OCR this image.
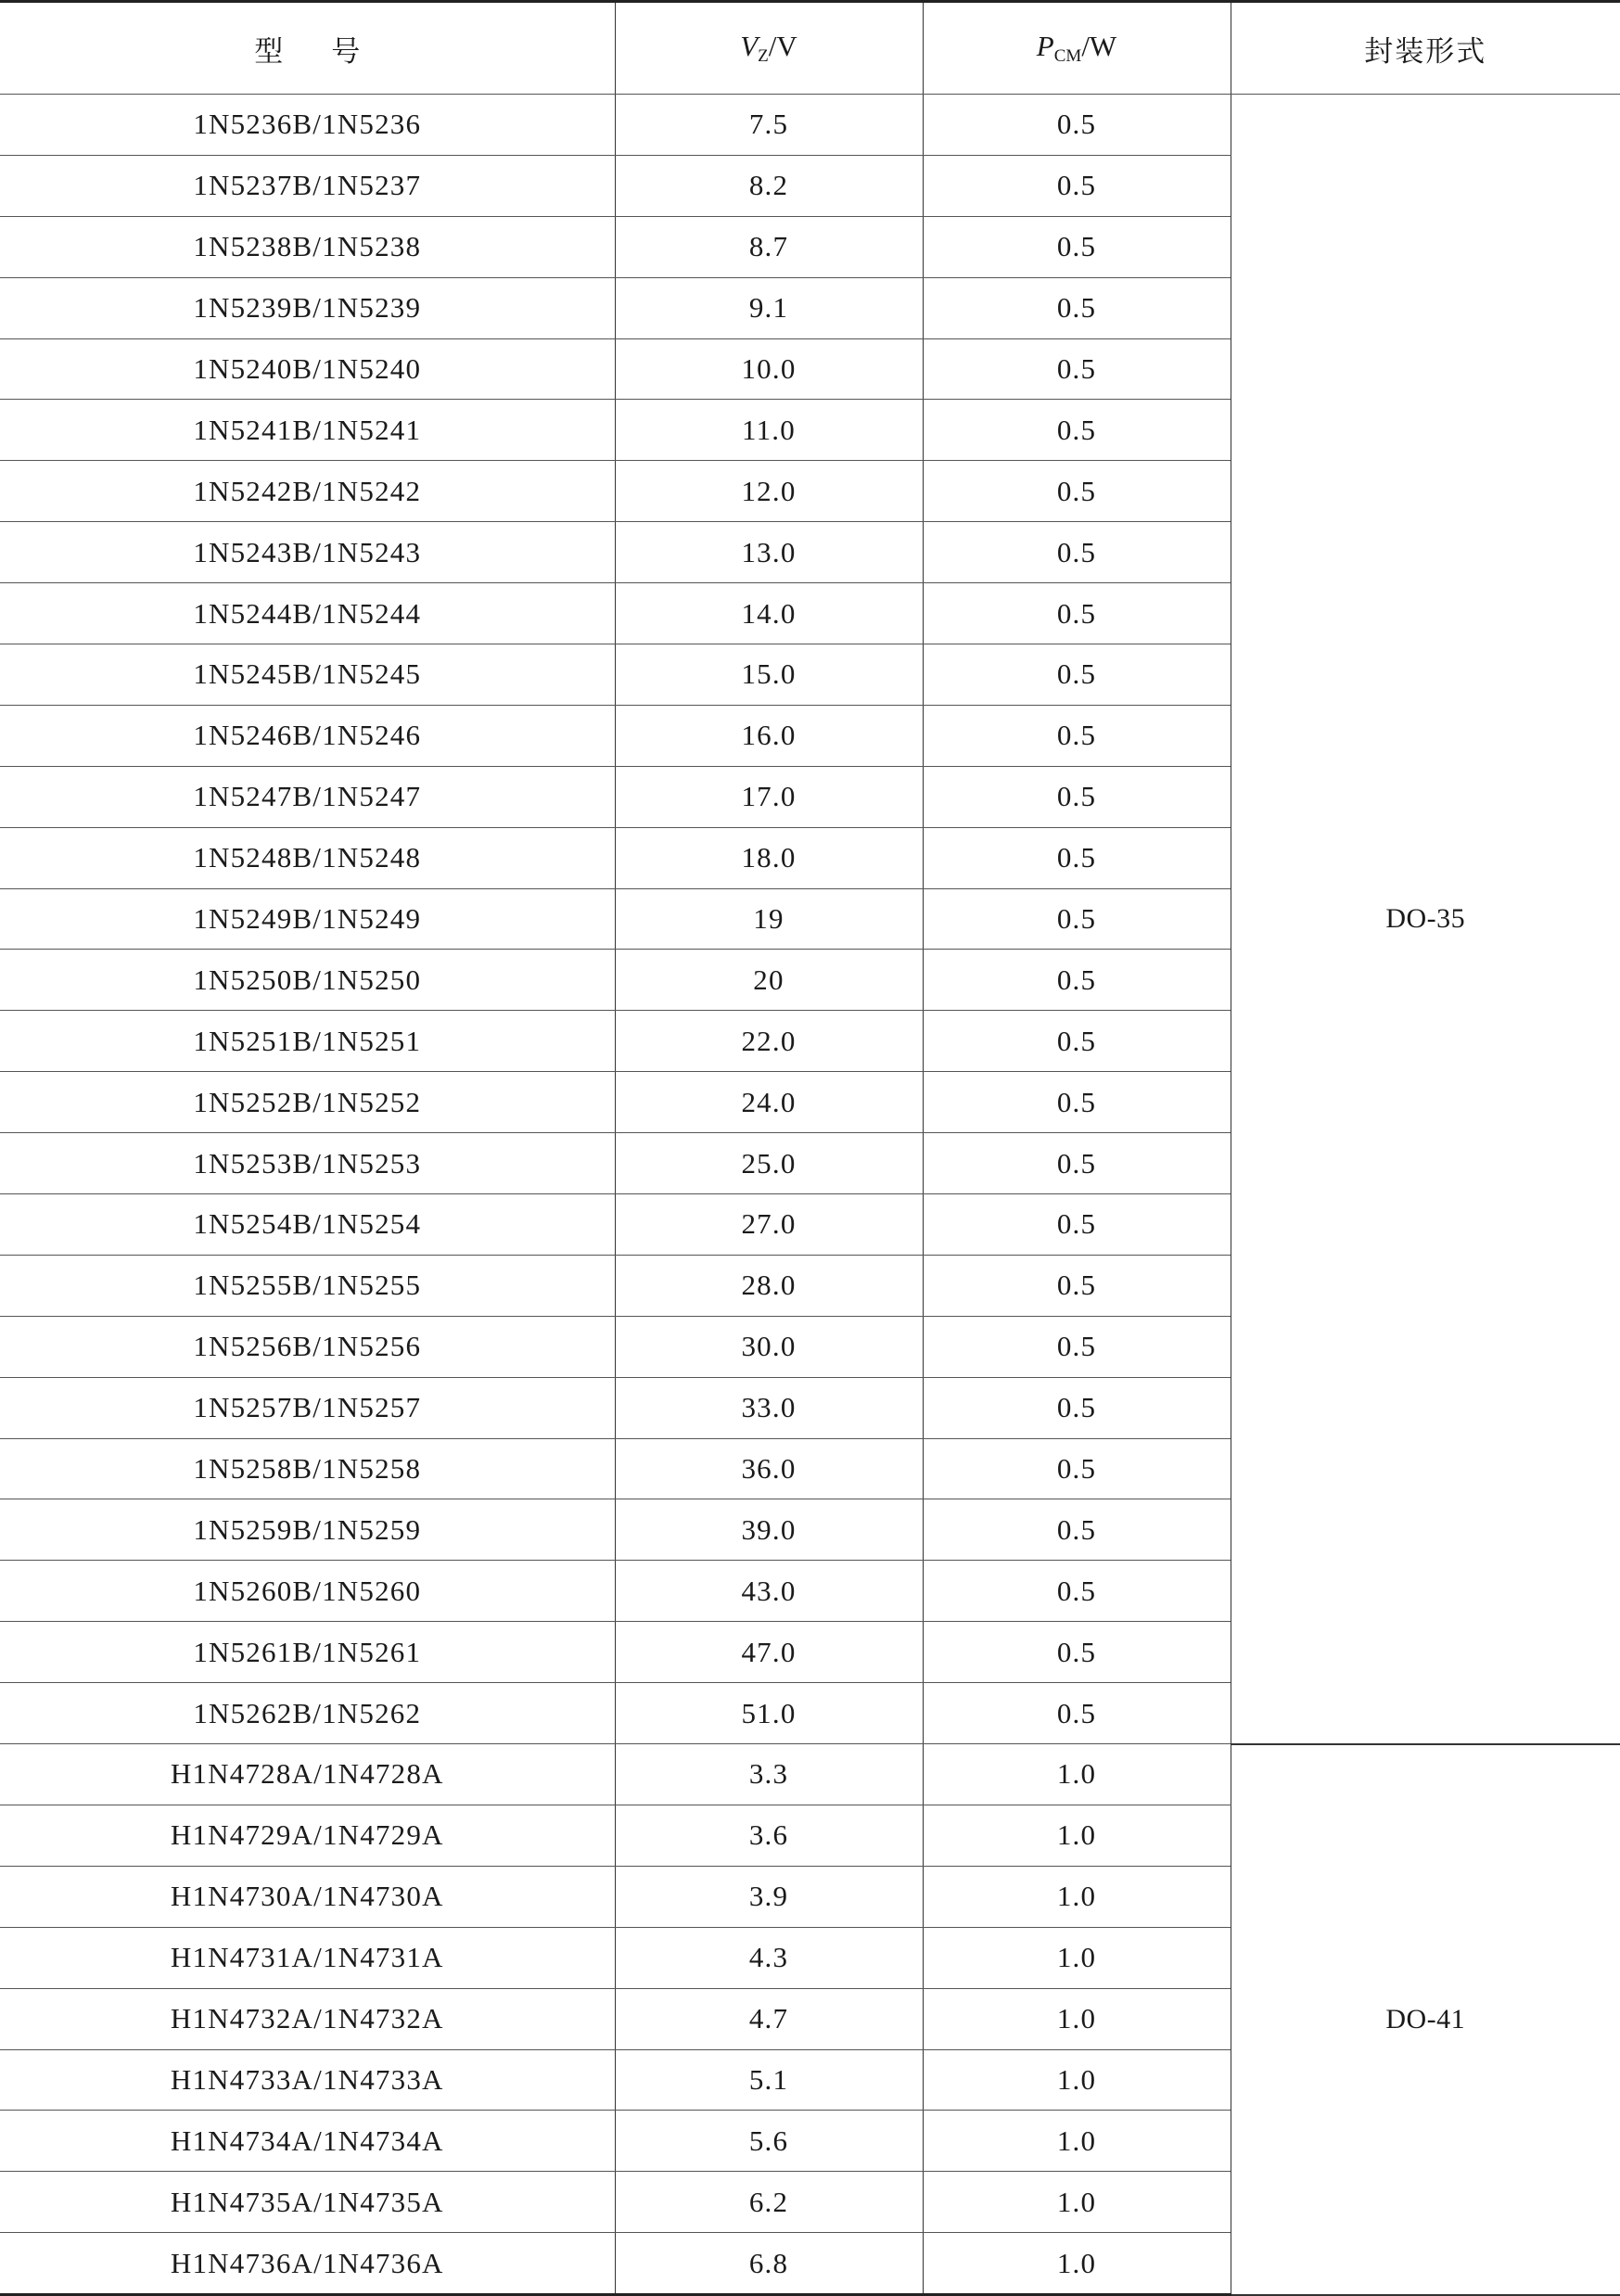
型号	$V_Z/V$	$P_{CM}/W$	封装形式
1N5236B/1N5236	7.5	0.5	DO-35
1N5237B/1N5237	8.2	0.5	
1N5238B/1N5238	8.7	0.5	
1N5239B/1N5239	9.1	0.5	
1N5240B/1N5240	10.0	0.5	
1N5241B/1N5241	11.0	0.5	
1N5242B/1N5242	12.0	0.5	
1N5243B/1N5243	13.0	0.5	
1N5244B/1N5244	14.0	0.5	
1N5245B/1N5245	15.0	0.5	
1N5246B/1N5246	16.0	0.5	
1N5247B/1N5247	17.0	0.5	
1N5248B/1N5248	18.0	0.5	
1N5249B/1N5249	19	0.5	
1N5250B/1N5250	20	0.5	
1N5251B/1N5251	22.0	0.5	
1N5252B/1N5252	24.0	0.5	
1N5253B/1N5253	25.0	0.5	
1N5254B/1N5254	27.0	0.5	
1N5255B/1N5255	28.0	0.5	
1N5256B/1N5256	30.0	0.5	
1N5257B/1N5257	33.0	0.5	
1N5258B/1N5258	36.0	0.5	
1N5259B/1N5259	39.0	0.5	
1N5260B/1N5260	43.0	0.5	
1N5261B/1N5261	47.0	0.5	
1N5262B/1N5262	51.0	0.5	
H1N4728A/1N4728A	3.3	1.0	DO-41
H1N4729A/1N4729A	3.6	1.0	
H1N4730A/1N4730A	3.9	1.0	
H1N4731A/1N4731A	4.3	1.0	
H1N4732A/1N4732A	4.7	1.0	
H1N4733A/1N4733A	5.1	1.0	
H1N4734A/1N4734A	5.6	1.0	
H1N4735A/1N4735A	6.2	1.0	
H1N4736A/1N4736A	6.8	1.0	
